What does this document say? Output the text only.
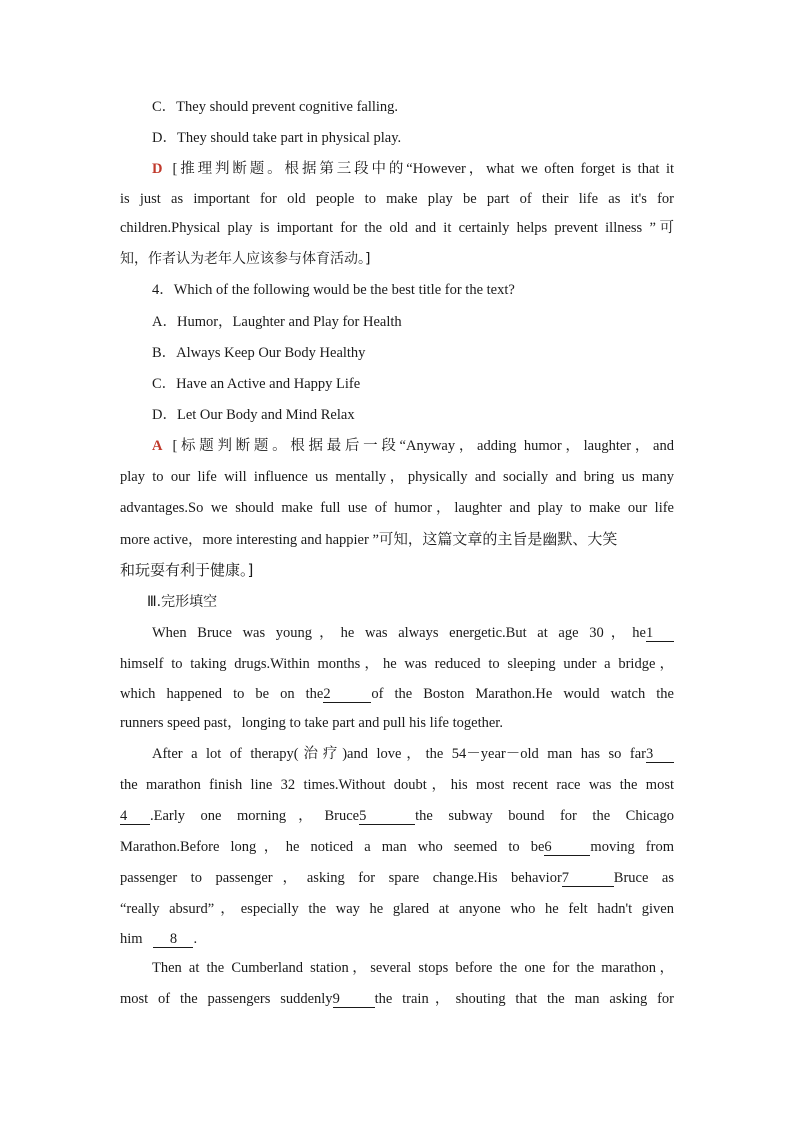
C．They should prevent cognitive falling.
D．They should take part in physical play.
D [推理判断题。根据第三段中的“However，what we often forget is that it
is just as important for old people to make play be part of their life as it's for
children.Physical play is important for the old and it certainly helps prevent illness ”可
知，作者认为老年人应该参与体育活动。]
4．Which of the following would be the best title for the text?
A．Humor，Laughter and Play for Health
B．Always Keep Our Body Healthy
C．Have an Active and Happy Life
D．Let Our Body and Mind Relax
A [标题判断题。根据最后一段“Anyway，adding humor，laughter，and
play to our life will influence us mentally，physically and socially and bring us many
advantages.So we should make full use of humor，laughter and play to make our life
more active，more interesting and happier ”可知，这篇文章的主旨是幽默、大笑
和玩耍有利于健康。]
Ⅲ.完形填空
When Bruce was young，he was always energetic.But at age 30，he1
himself to taking drugs.Within months，he was reduced to sleeping under a bridge，
which happened to be on the2	of the Boston Marathon.He would watch the
runners speed past，longing to take part and pull his life together.
After a lot of therapy(治疗)and love，the 54－year－old man has so far3
the marathon finish line 32 times.Without doubt，his most recent race was the most
4 .Early one morning，Bruce5	the subway bound for the Chicago
Marathon.Before long，he noticed a man who seemed to be6	moving from
passenger to passenger，asking for spare change.His behavior7	Bruce as
“really absurd”，especially the way he glared at anyone who he felt hadn't given
him 8 .
Then at the Cumberland station，several stops before the one for the marathon，
most of the passengers suddenly9 the train，shouting that the man asking for
